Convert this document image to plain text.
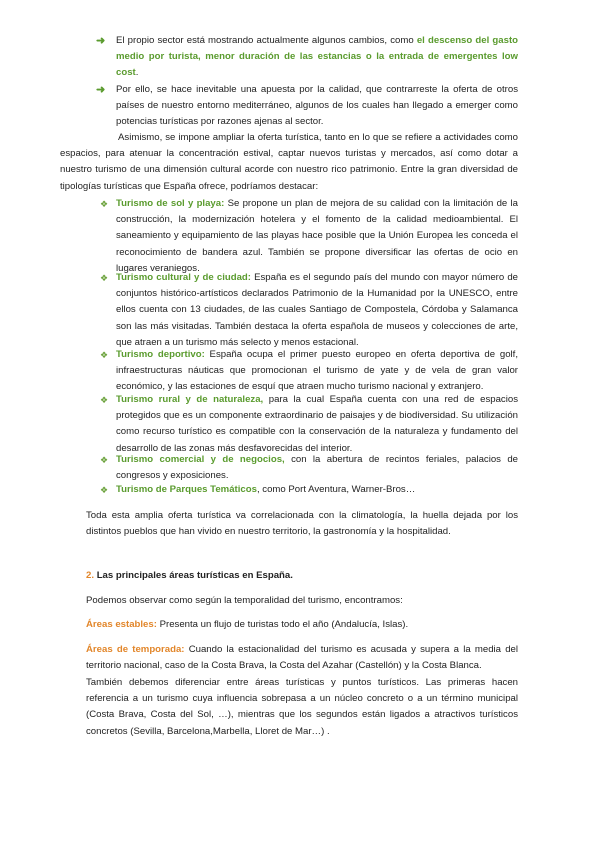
➜ El propio sector está mostrando actualmente algunos cambios, como el descenso del gasto medio por turista, menor duración de las estancias o la entrada de emergentes low cost.
➜ Por ello, se hace inevitable una apuesta por la calidad, que contrarreste la oferta de otros países de nuestro entorno mediterráneo, algunos de los cuales han llegado a emerger como potencias turísticas por razones ajenas al sector.
Asimismo, se impone ampliar la oferta turística, tanto en lo que se refiere a actividades como espacios, para atenuar la concentración estival, captar nuevos turistas y mercados, así como dotar a nuestro turismo de una dimensión cultural acorde con nuestro rico patrimonio. Entre la gran diversidad de tipologías turísticas que España ofrece, podríamos destacar:
❖ Turismo de sol y playa: Se propone un plan de mejora de su calidad con la limitación de la construcción, la modernización hotelera y el fomento de la calidad medioambiental. El saneamiento y equipamiento de las playas hace posible que la Unión Europea les conceda el reconocimiento de bandera azul. También se propone diversificar las ofertas de ocio en lugares veraniegos.
❖ Turismo cultural y de ciudad: España es el segundo país del mundo con mayor número de conjuntos histórico-artísticos declarados Patrimonio de la Humanidad por la UNESCO, entre ellos cuenta con 13 ciudades, de las cuales Santiago de Compostela, Córdoba y Salamanca son las más visitadas. También destaca la oferta española de museos y colecciones de arte, que atraen a un turismo más selecto y menos estacional.
❖ Turismo deportivo: España ocupa el primer puesto europeo en oferta deportiva de golf, infraestructuras náuticas que promocionan el turismo de yate y de vela de gran valor económico, y las estaciones de esquí que atraen mucho turismo nacional y extranjero.
❖ Turismo rural y de naturaleza, para la cual España cuenta con una red de espacios protegidos que es un componente extraordinario de paisajes y de biodiversidad. Su utilización como recurso turístico es compatible con la conservación de la naturaleza y fundamento del desarrollo de las zonas más desfavorecidas del interior.
❖ Turismo comercial y de negocios, con la abertura de recintos feriales, palacios de congresos y exposiciones.
❖ Turismo de Parques Temáticos, como Port Aventura, Warner-Bros…
Toda esta amplia oferta turística va correlacionada con la climatología, la huella dejada por los distintos pueblos que han vivido en nuestro territorio, la gastronomía y la hospitalidad.
2. Las principales áreas turísticas en España.
Podemos observar como según la temporalidad del turismo, encontramos:
Áreas estables: Presenta un flujo de turistas todo el año (Andalucía, Islas).
Áreas de temporada: Cuando la estacionalidad del turismo es acusada y supera a la media del territorio nacional, caso de la Costa Brava, la Costa del Azahar (Castellón) y la Costa Blanca.
También debemos diferenciar entre áreas turísticas y puntos turísticos. Las primeras hacen referencia a un turismo cuya influencia sobrepasa a un núcleo concreto o a un término municipal (Costa Brava, Costa del Sol, …), mientras que los segundos están ligados a atractivos turísticos concretos (Sevilla, Barcelona,Marbella, Lloret de Mar…) .
